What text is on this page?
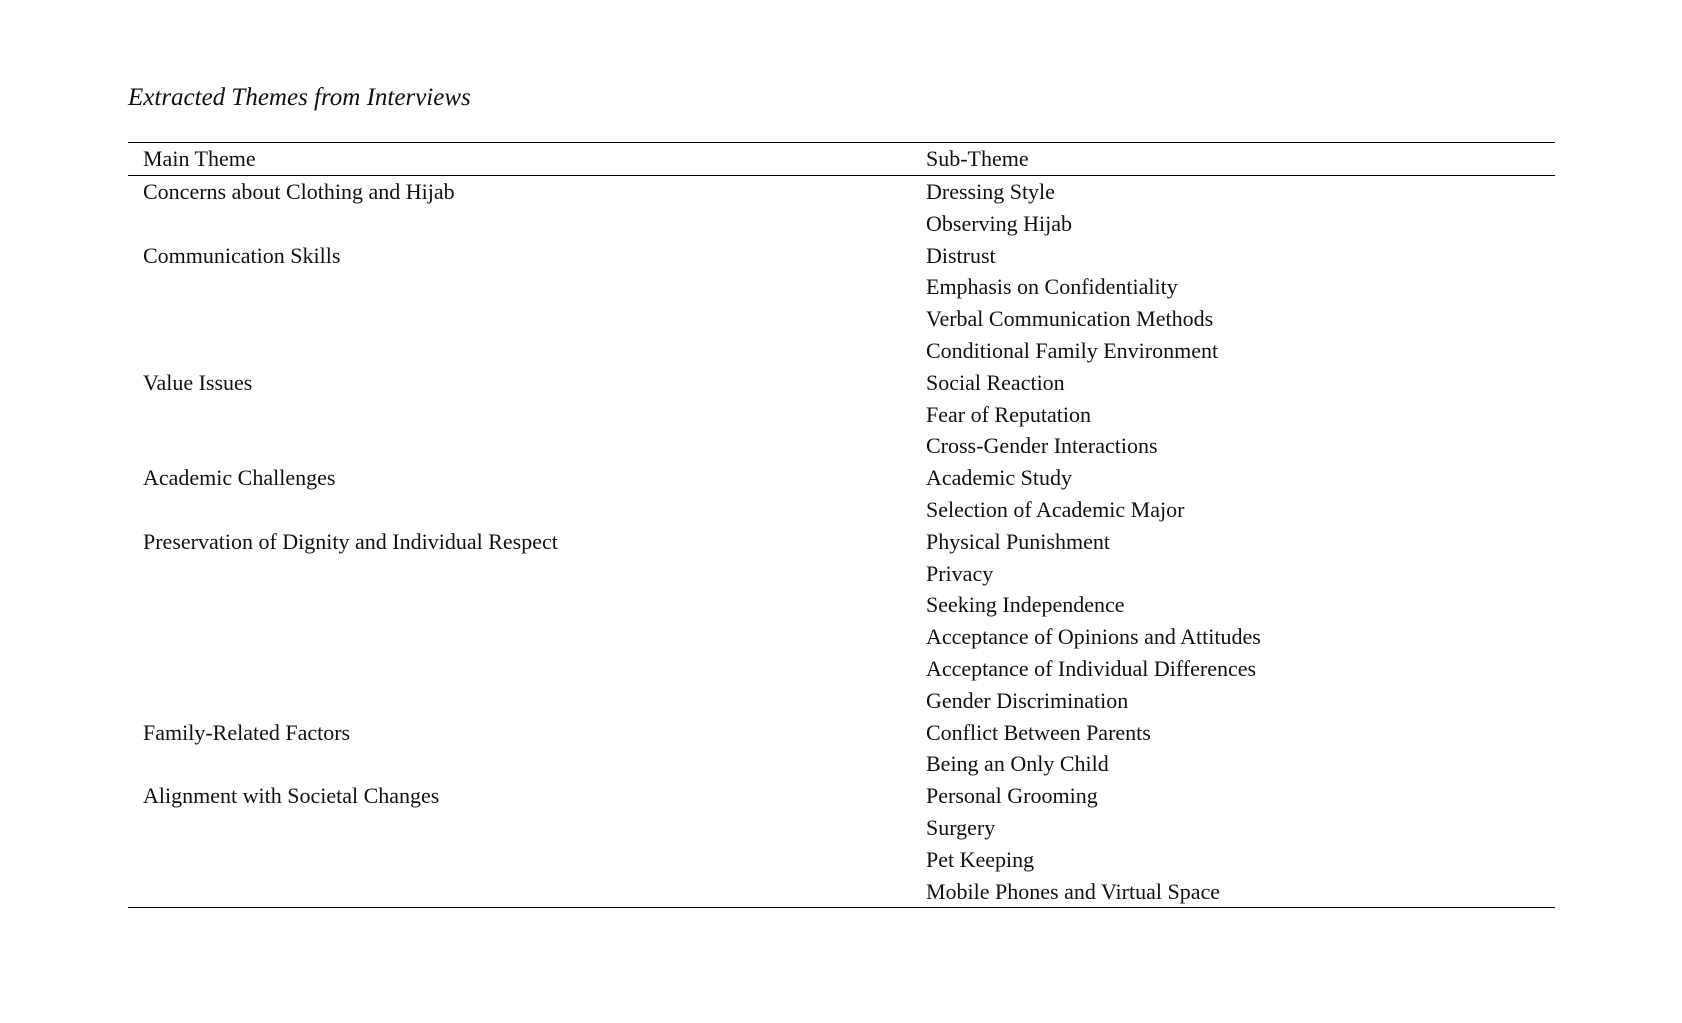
Extracted Themes from Interviews
Main Theme	Sub-Theme
Concerns about Clothing and Hijab	Dressing Style
Observing Hijab
Communication Skills	Distrust
Emphasis on Confidentiality
Verbal Communication Methods
Conditional Family Environment
Value Issues	Social Reaction
Fear of Reputation
Cross-Gender Interactions
Academic Challenges	Academic Study
Selection of Academic Major
Preservation of Dignity and Individual Respect	Physical Punishment
Privacy
Seeking Independence
Acceptance of Opinions and Attitudes
Acceptance of Individual Differences
Gender Discrimination
Family-Related Factors	Conflict Between Parents
Being an Only Child
Alignment with Societal Changes	Personal Grooming
Surgery
Pet Keeping
Mobile Phones and Virtual Space
